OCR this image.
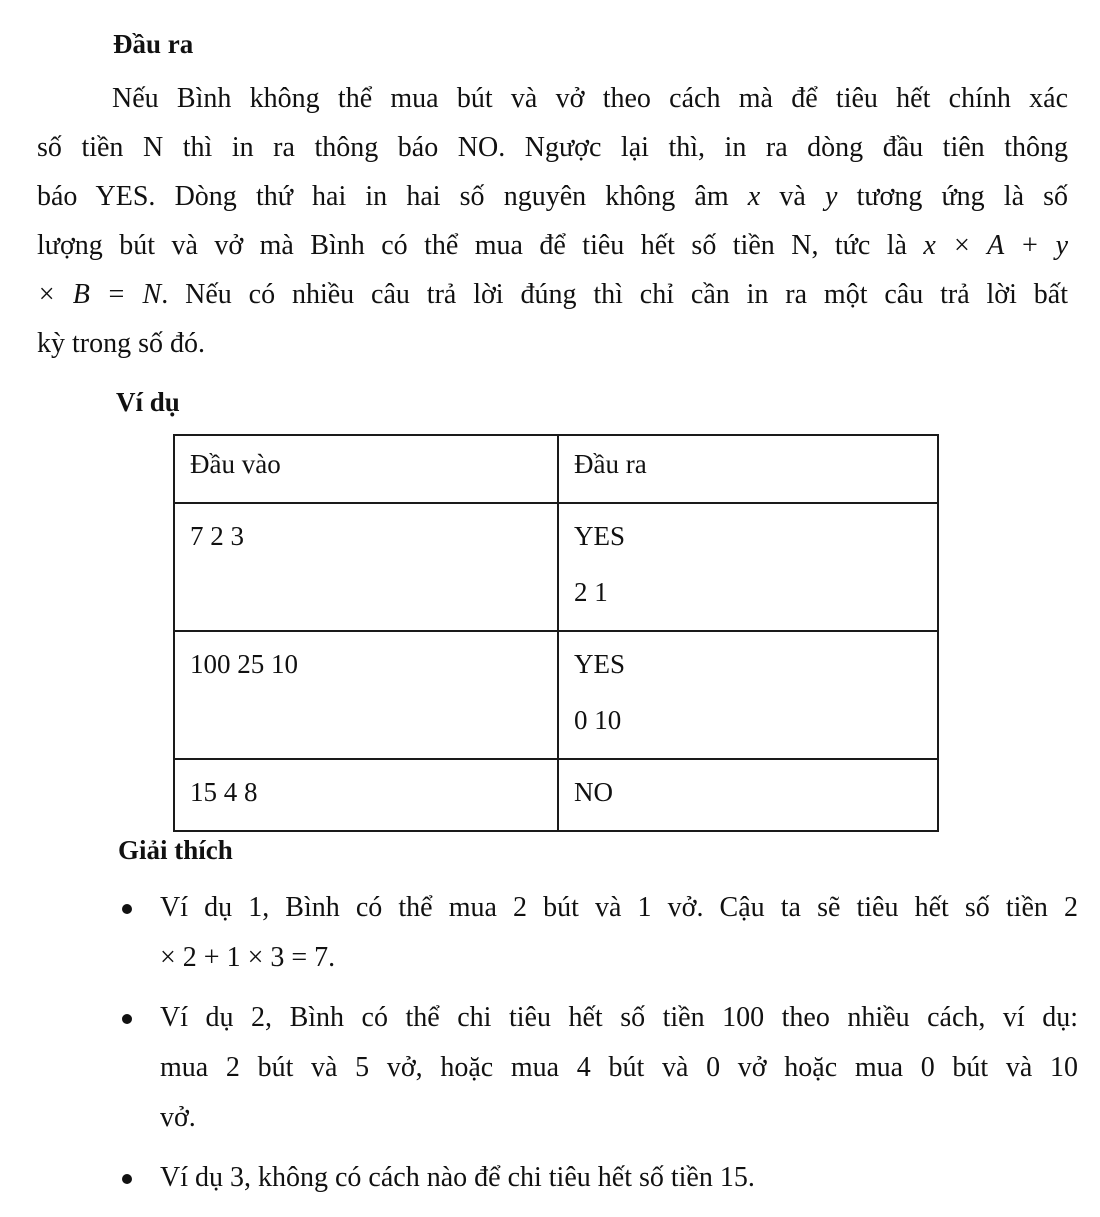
Đầu ra
Nếu Bình không thể mua bút và vở theo cách mà để tiêu hết chính xác
số tiền N thì in ra thông báo NO. Ngược lại thì, in ra dòng đầu tiên thông
báo YES. Dòng thứ hai in hai số nguyên không âm x và y tương ứng là số
lượng bút và vở mà Bình có thể mua để tiêu hết số tiền N, tức là x × A + y
× B = N. Nếu có nhiều câu trả lời đúng thì chỉ cần in ra một câu trả lời bất
kỳ trong số đó.
Ví dụ
Đầu vào	Đầu ra

7 2 3	YES
2 1

100 25 10	YES
0 10

15 4 8	NO
Giải thích
Ví dụ 1, Bình có thể mua 2 bút và 1 vở. Cậu ta sẽ tiêu hết số tiền 2
× 2 + 1 × 3 = 7.
Ví dụ 2, Bình có thể chi tiêu hết số tiền 100 theo nhiều cách, ví dụ:
mua 2 bút và 5 vở, hoặc mua 4 bút và 0 vở hoặc mua 0 bút và 10
vở.
Ví dụ 3, không có cách nào để chi tiêu hết số tiền 15.
